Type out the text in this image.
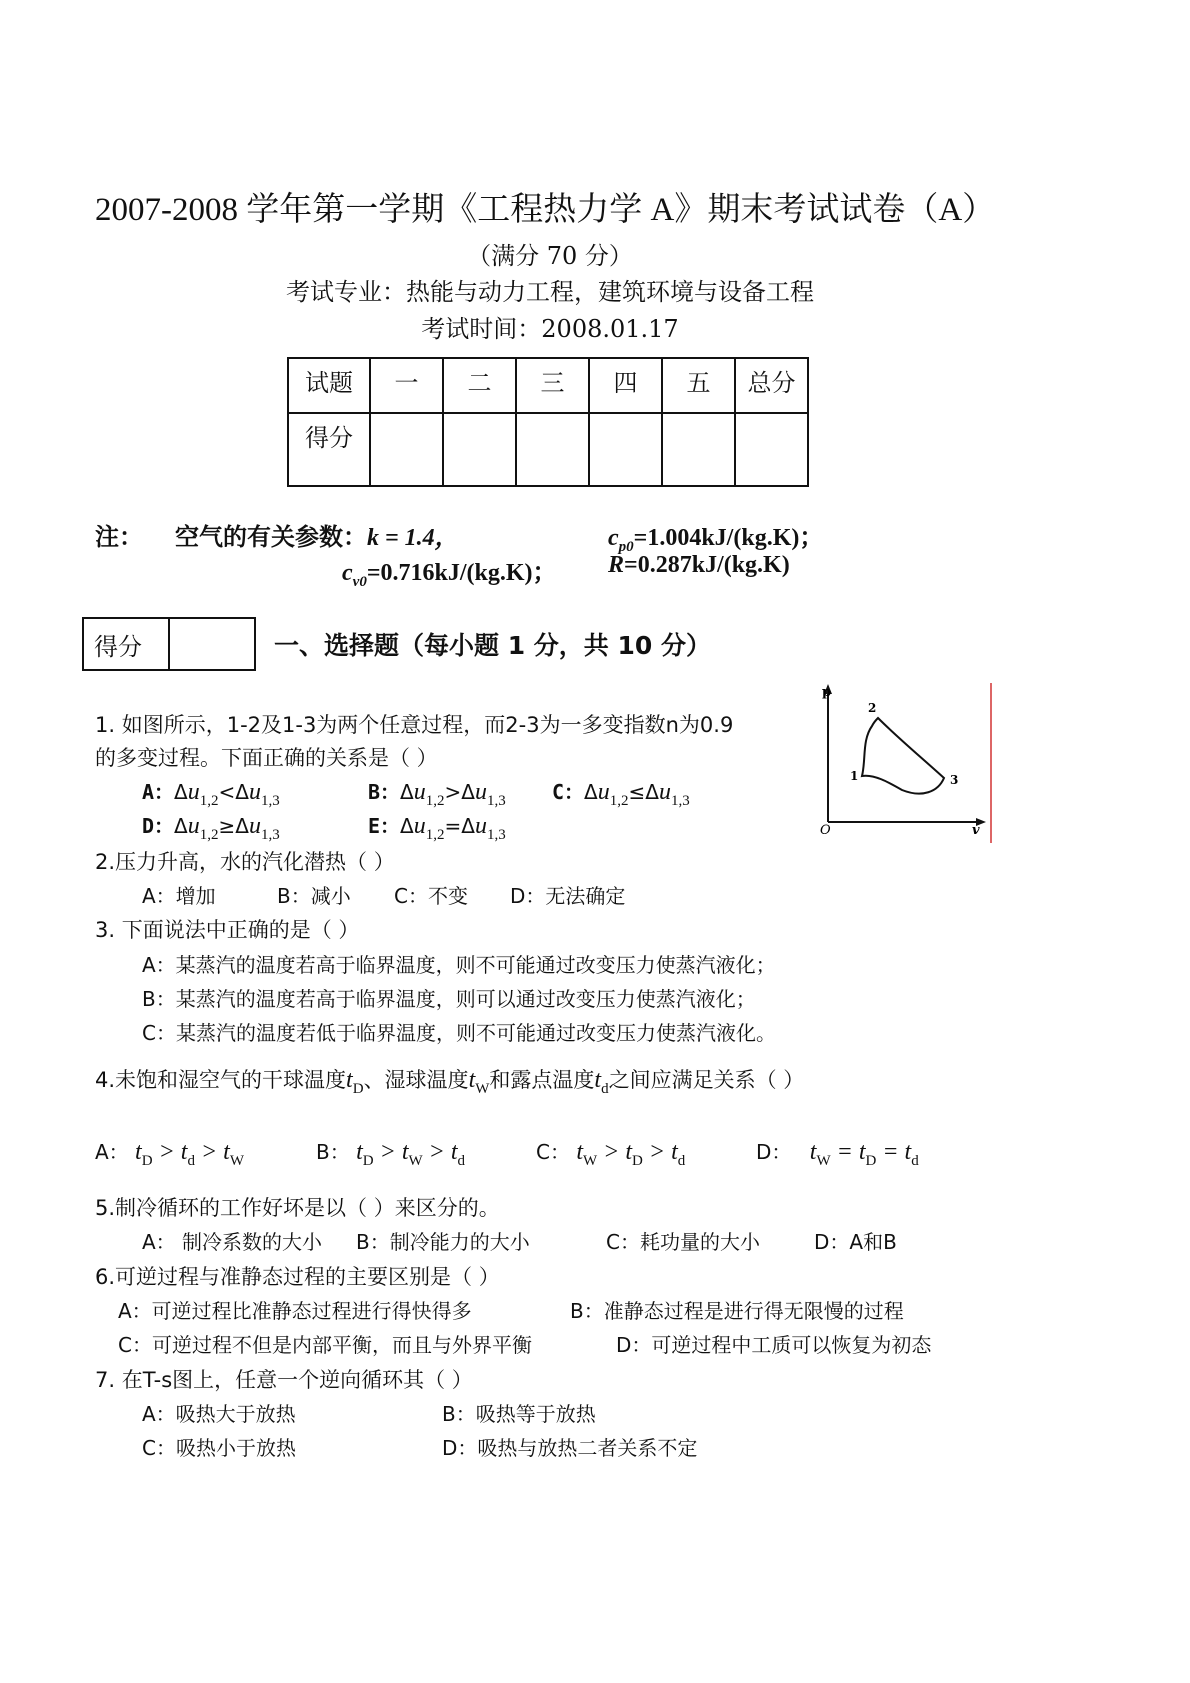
2007-2008 学年第一学期《工程热力学 A》期末考试试卷（A）
（满分 70 分）
考试专业：热能与动力工程，建筑环境与设备工程
考试时间：2008.01.17
试题	一	二	三	四	五	总分
得分						
注： 空气的有关参数：k = 1.4，	$c_{p0}=1.004kJ/(kg.K)$；
$c_{v0}=0.716kJ/(kg.K)$； R=0.287kJ/(kg.K)
得分		一、选择题（每小题 1 分，共 10 分）
p
v
O
1
2
3
1. 如图所示，1-2及1-3为两个任意过程，而2-3为一多变指数n为0.9
的多变过程。下面正确的关系是（ ）
A：$\Delta u_{1,2}<\Delta u_{1,3}$	B：$\Delta u_{1,2}>\Delta u_{1,3}$ C：$\Delta u_{1,2}\le\Delta u_{1,3}$
D：$\Delta u_{1,2}\ge\Delta u_{1,3}$	E：$\Delta u_{1,2}=\Delta u_{1,3}$
2.压力升高，水的汽化潜热（ ）
A：增加	B：减小 C：不变 D：无法确定
3. 下面说法中正确的是（ ）
A：某蒸汽的温度若高于临界温度，则不可能通过改变压力使蒸汽液化；
B：某蒸汽的温度若高于临界温度，则可以通过改变压力使蒸汽液化；
C：某蒸汽的温度若低于临界温度，则不可能通过改变压力使蒸汽液化。
4.未饱和湿空气的干球温度$t_D$、湿球温度$t_W$和露点温度$t_d$之间应满足关系（ ）
A： $t_D > t_d > t_W$	B： $t_D > t_W > t_d$	C： $t_W > t_D > t_d$	D：   $t_W = t_D = t_d$
5.制冷循环的工作好坏是以（ ）来区分的。
A： 制冷系数的大小 B：制冷能力的大小	C：耗功量的大小	D：A和B
6.可逆过程与准静态过程的主要区别是（ ）
A：可逆过程比准静态过程进行得快得多	B：准静态过程是进行得无限慢的过程
C：可逆过程不但是内部平衡，而且与外界平衡	D：可逆过程中工质可以恢复为初态
7. 在T-s图上，任意一个逆向循环其（ ）
A：吸热大于放热	B：吸热等于放热
C：吸热小于放热	D：吸热与放热二者关系不定
